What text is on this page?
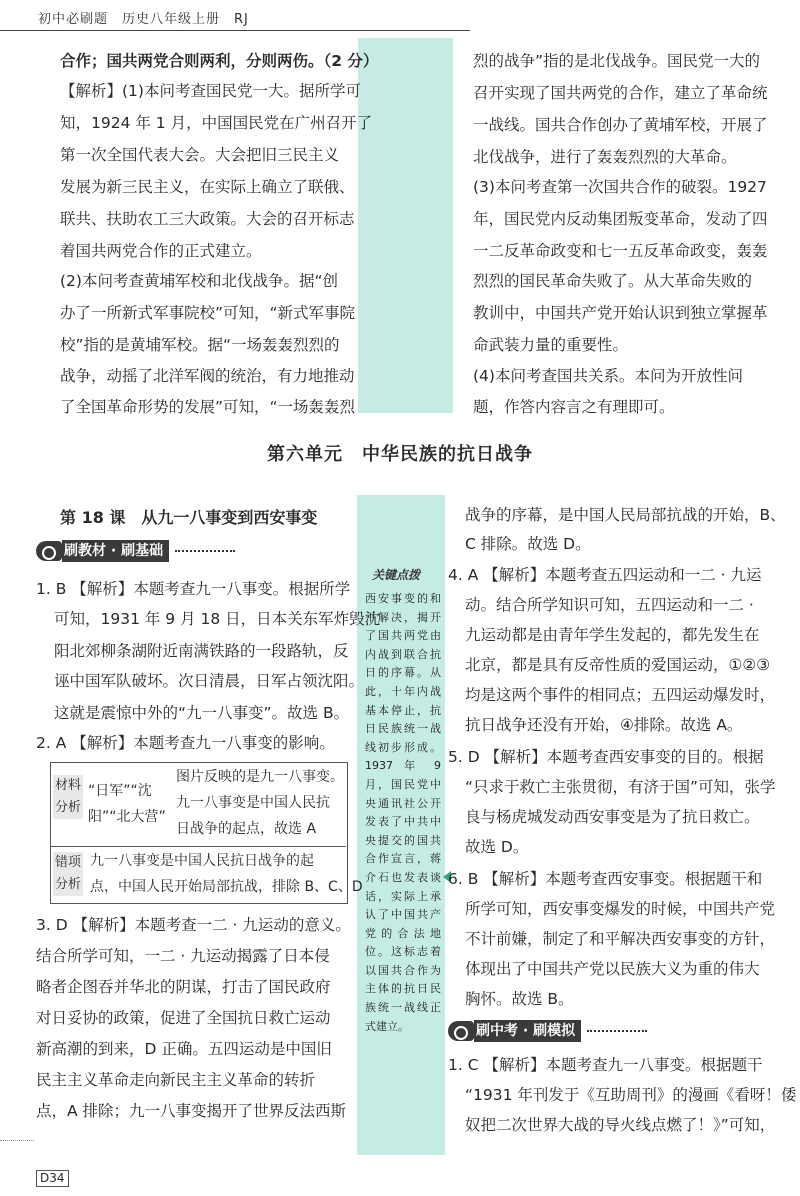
初中必刷题　历史八年级上册　RJ
合作；国共两党合则两利，分则两伤。（2 分）
【解析】(1)本问考查国民党一大。据所学可
知，1924 年 1 月，中国国民党在广州召开了
第一次全国代表大会。大会把旧三民主义
发展为新三民主义，在实际上确立了联俄、
联共、扶助农工三大政策。大会的召开标志
着国共两党合作的正式建立。
(2)本问考查黄埔军校和北伐战争。据“创
办了一所新式军事院校”可知，“新式军事院
校”指的是黄埔军校。据“一场轰轰烈烈的
战争，动摇了北洋军阀的统治，有力地推动
了全国革命形势的发展”可知，“一场轰轰烈
烈的战争”指的是北伐战争。国民党一大的
召开实现了国共两党的合作，建立了革命统
一战线。国共合作创办了黄埔军校，开展了
北伐战争，进行了轰轰烈烈的大革命。
(3)本问考查第一次国共合作的破裂。1927
年，国民党内反动集团叛变革命，发动了四
一二反革命政变和七一五反革命政变，轰轰
烈烈的国民革命失败了。从大革命失败的
教训中，中国共产党开始认识到独立掌握革
命武装力量的重要性。
(4)本问考查国共关系。本问为开放性问
题，作答内容言之有理即可。
第六单元　中华民族的抗日战争
第 18 课　从九一八事变到西安事变
刷教材 · 刷基础
关键点拨
西安事变的和平解决，揭开了国共两党由内战到联合抗日的序幕。从此，十年内战基本停止，抗日民族统一战线初步形成。1937 年 9 月，国民党中央通讯社公开发表了中共中央提交的国共合作宣言，蒋介石也发表谈话，实际上承认了中国共产党的合法地位。这标志着以国共合作为主体的抗日民族统一战线正式建立。
1. B 【解析】本题考查九一八事变。根据所学
可知，1931 年 9 月 18 日，日本关东军炸毁沈
阳北郊柳条湖附近南满铁路的一段路轨，反
诬中国军队破坏。次日清晨，日军占领沈阳。
这就是震惊中外的“九一八事变”。故选 B。
2. A 【解析】本题考查九一八事变的影响。
材料分析
错项分析
“日军”“沈阳”“北大营”
图片反映的是九一八事变。
九一八事变是中国人民抗
日战争的起点，故选 A
九一八事变是中国人民抗日战争的起
点，中国人民开始局部抗战，排除 B、C、D
3. D 【解析】本题考查一二 · 九运动的意义。
结合所学可知，一二 · 九运动揭露了日本侵
略者企图吞并华北的阴谋，打击了国民政府
对日妥协的政策，促进了全国抗日救亡运动
新高潮的到来，D 正确。五四运动是中国旧
民主主义革命走向新民主主义革命的转折
点，A 排除；九一八事变揭开了世界反法西斯
战争的序幕，是中国人民局部抗战的开始，B、
C 排除。故选 D。
4. A 【解析】本题考查五四运动和一二 · 九运
动。结合所学知识可知，五四运动和一二 ·
九运动都是由青年学生发起的，都先发生在
北京，都是具有反帝性质的爱国运动，①②③
均是这两个事件的相同点；五四运动爆发时，
抗日战争还没有开始，④排除。故选 A。
5. D 【解析】本题考查西安事变的目的。根据
“只求于救亡主张贯彻，有济于国”可知，张学
良与杨虎城发动西安事变是为了抗日救亡。
故选 D。
6. B 【解析】本题考查西安事变。根据题干和
所学可知，西安事变爆发的时候，中国共产党
不计前嫌，制定了和平解决西安事变的方针，
体现出了中国共产党以民族大义为重的伟大
胸怀。故选 B。
刷中考 · 刷模拟
1. C 【解析】本题考查九一八事变。根据题干
“1931 年刊发于《互助周刊》的漫画《看呀！倭
奴把二次世界大战的导火线点燃了！》”可知，
D34
